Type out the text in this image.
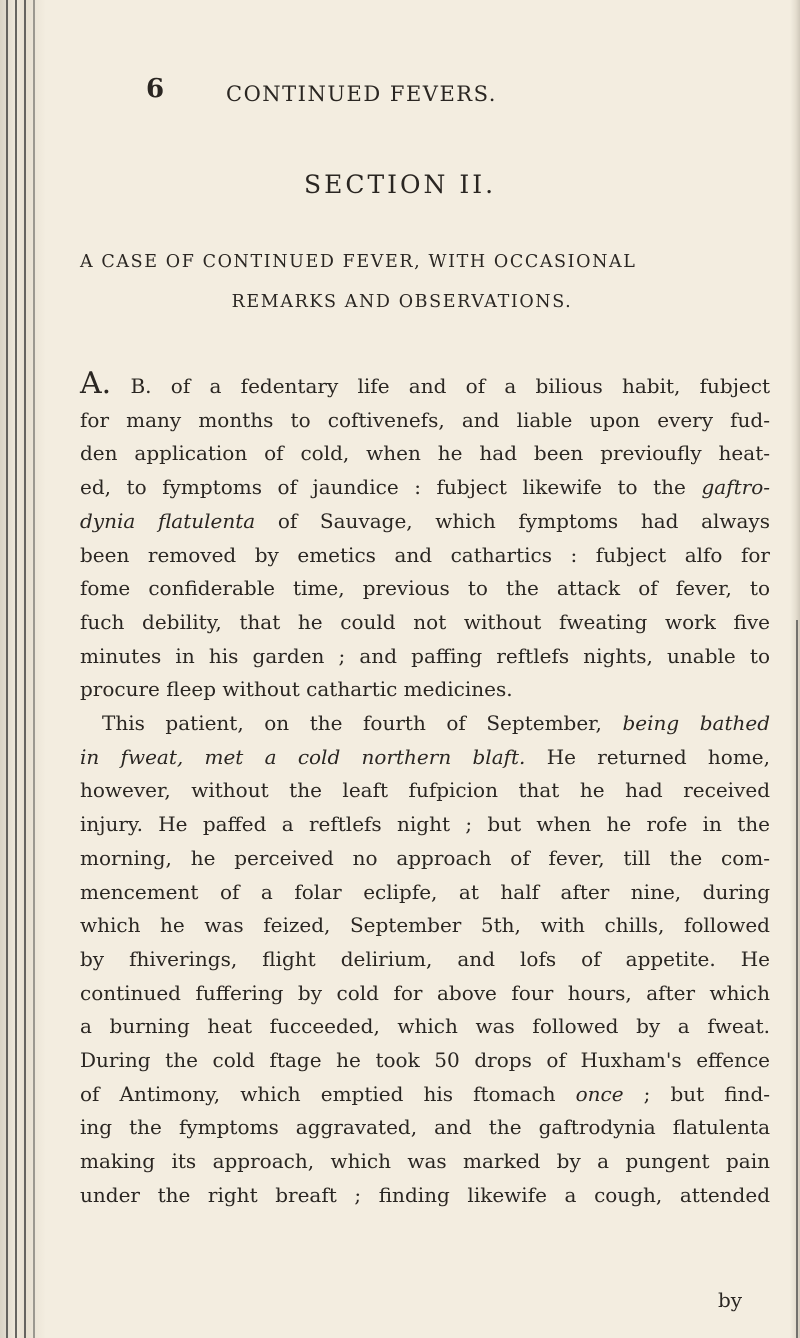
6	CONTINUED FEVERS.
SECTION II.
A CASE OF CONTINUED FEVER, WITH OCCASIONAL
REMARKS AND OBSERVATIONS.
A. B. of a fedentary life and of a bilious habit, fubject
for many months to coftivenefs, and liable upon every fud-
den application of cold, when he had been previoufly heat-
ed, to fymptoms of jaundice : fubject likewife to the gaftro-
dynia flatulenta of Sauvage, which fymptoms had always
been removed by emetics and cathartics : fubject alfo for
fome confiderable time, previous to the attack of fever, to
fuch debility, that he could not without fweating work five
minutes in his garden ; and paffing reftlefs nights, unable to
procure fleep without cathartic medicines.
This patient, on the fourth of September, being bathed
in fweat, met a cold northern blaft. He returned home,
however, without the leaft fufpicion that he had received
injury. He paffed a reftlefs night ; but when he rofe in the
morning, he perceived no approach of fever, till the com-
mencement of a folar eclipfe, at half after nine, during
which he was feized, September 5th, with chills, followed
by fhiverings, flight delirium, and lofs of appetite. He
continued fuffering by cold for above four hours, after which
a burning heat fucceeded, which was followed by a fweat.
During the cold ftage he took 50 drops of Huxham's effence
of Antimony, which emptied his ftomach once ; but find-
ing the fymptoms aggravated, and the gaftrodynia flatulenta
making its approach, which was marked by a pungent pain
under the right breaft ; finding likewife a cough, attended
by
